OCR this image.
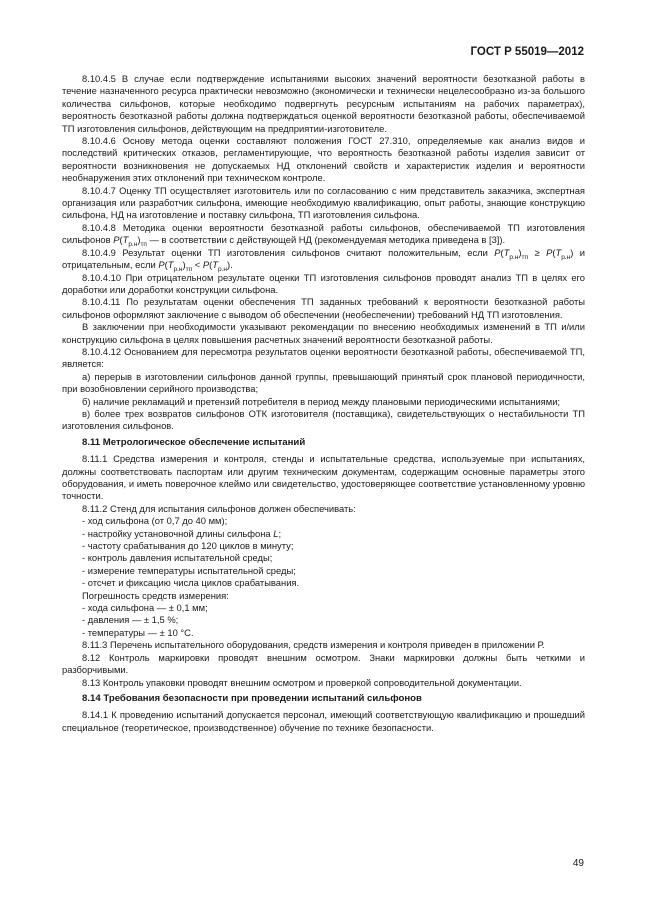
ГОСТ Р 55019—2012

8.10.4.5 В случае если подтверждение испытаниями высоких значений вероятности безотказной работы в течение назначенного ресурса практически невозможно (экономически и технически нецелесообразно из-за большого количества сильфонов, которые необходимо подвергнуть ресурсным испытаниям на рабочих параметрах), вероятность безотказной работы должна подтверждаться оценкой вероятности безотказной работы, обеспечиваемой ТП изготовления сильфонов, действующим на предприятии-изготовителе.

8.10.4.6 Основу метода оценки составляют положения ГОСТ 27.310, определяемые как анализ видов и последствий критических отказов, регламентирующие, что вероятность безотказной работы изделия зависит от вероятности возникновения не допускаемых НД отклонений свойств и характеристик изделия и вероятности необнаружения этих отклонений при техническом контроле.

8.10.4.7 Оценку ТП осуществляет изготовитель или по согласованию с ним представитель заказчика, экспертная организация или разработчик сильфона, имеющие необходимую квалификацию, опыт работы, знающие конструкцию сильфона, НД на изготовление и поставку сильфона, ТП изготовления сильфона.

8.10.4.8 Методика оценки вероятности безотказной работы сильфонов, обеспечиваемой ТП изготовления сильфонов $P(T_{р.н})_{тп}$ — в соответствии с действующей НД (рекомендуемая методика приведена в [3]).

8.10.4.9 Результат оценки ТП изготовления сильфонов считают положительным, если $P(T_{р.н})_{тп} \ge P(T_{р.н})$ и отрицательным, если $P(T_{р.н})_{тп} < P(T_{р.н})$.

8.10.4.10 При отрицательном результате оценки ТП изготовления сильфонов проводят анализ ТП в целях его доработки или доработки конструкции сильфона.

8.10.4.11 По результатам оценки обеспечения ТП заданных требований к вероятности безотказной работы сильфонов оформляют заключение с выводом об обеспечении (необеспечении) требований НД ТП изготовления.

В заключении при необходимости указывают рекомендации по внесению необходимых изменений в ТП и/или конструкцию сильфона в целях повышения расчетных значений вероятности безотказной работы.

8.10.4.12 Основанием для пересмотра результатов оценки вероятности безотказной работы, обеспечиваемой ТП, является:

а) перерыв в изготовлении сильфонов данной группы, превышающий принятый срок плановой периодичности, при возобновлении серийного производства;

б) наличие рекламаций и претензий потребителя в период между плановыми периодическими испытаниями;

в) более трех возвратов сильфонов ОТК изготовителя (поставщика), свидетельствующих о нестабильности ТП изготовления сильфонов.

8.11 Метрологическое обеспечение испытаний

8.11.1 Средства измерения и контроля, стенды и испытательные средства, используемые при испытаниях, должны соответствовать паспортам или другим техническим документам, содержащим основные параметры этого оборудования, и иметь поверочное клеймо или свидетельство, удостоверяющее соответствие установленному уровню точности.

8.11.2 Стенд для испытания сильфонов должен обеспечивать:

- ход сильфона (от 0,7 до 40 мм);
- настройку установочной длины сильфона L;
- частоту срабатывания до 120 циклов в минуту;
- контроль давления испытательной среды;
- измерение температуры испытательной среды;
- отсчет и фиксацию числа циклов срабатывания.

Погрешность средств измерения:

- хода сильфона — ± 0,1 мм;
- давления — ± 1,5 %;
- температуры — ± 10 °С.

8.11.3 Перечень испытательного оборудования, средств измерения и контроля приведен в приложении Р.

8.12 Контроль маркировки проводят внешним осмотром. Знаки маркировки должны быть четкими и разборчивыми.

8.13 Контроль упаковки проводят внешним осмотром и проверкой сопроводительной документации.

8.14 Требования безопасности при проведении испытаний сильфонов

8.14.1 К проведению испытаний допускается персонал, имеющий соответствующую квалификацию и прошедший специальное (теоретическое, производственное) обучение по технике безопасности.

49
